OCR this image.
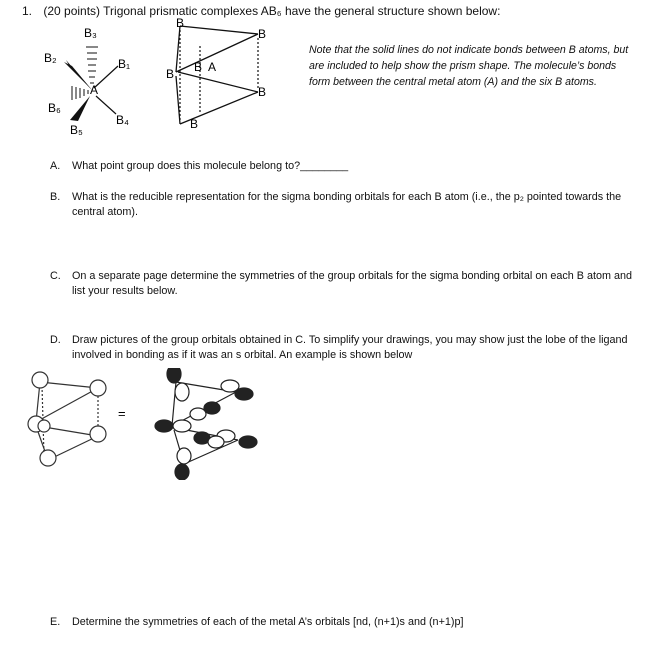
1. (20 points) Trigonal prismatic complexes AB₆ have the general structure shown below:
B₃
B₂	B₁
A
B₆
B₄
B₅
B
B
A
B
B
B
B
Note that the solid lines do not indicate bonds between B atoms, but are included to help show the prism shape. The molecule’s bonds form between the central metal atom (A) and the six B atoms.
A. What point group does this molecule belong to?________
B. What is the reducible representation for the sigma bonding orbitals for each B atom (i.e., the p₂ pointed towards the central atom).
C. On a separate page determine the symmetries of the group orbitals for the sigma bonding orbital on each B atom and list your results below.
D. Draw pictures of the group orbitals obtained in C. To simplify your drawings, you may show just the lobe of the ligand involved in bonding as if it was an s orbital. An example is shown below
=
E. Determine the symmetries of each of the metal A’s orbitals [nd, (n+1)s and (n+1)p]
